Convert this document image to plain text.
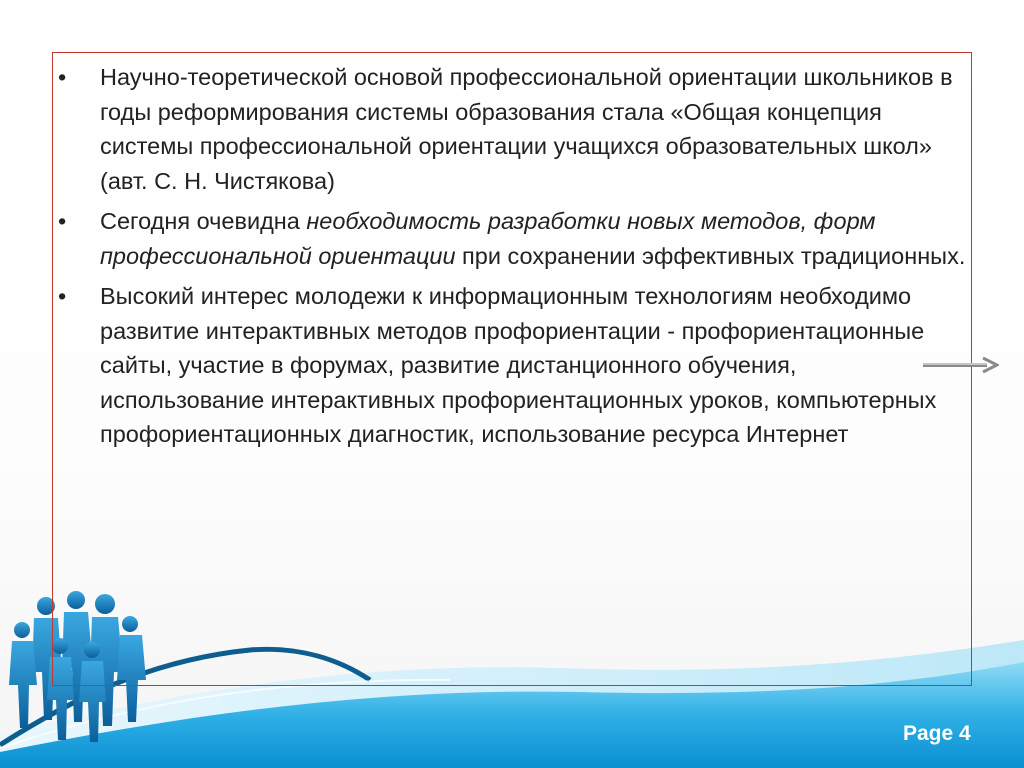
•
Научно-теоретической основой профессиональной ориентации школьников в годы реформирования системы образования стала «Общая концепция системы профессиональной ориентации учащихся образовательных школ» (авт. С. Н. Чистякова)
•
Сегодня очевидна необходимость разработки новых методов, форм профессиональной ориентации при сохранении эффективных традиционных.
•
Высокий интерес молодежи к информационным технологиям необходимо развитие интерактивных методов профориентации - профориентационные сайты, участие в форумах, развитие дистанционного обучения, использование интерактивных профориентационных уроков, компьютерных профориентационных диагностик, использование ресурса Интернет
Page 4
